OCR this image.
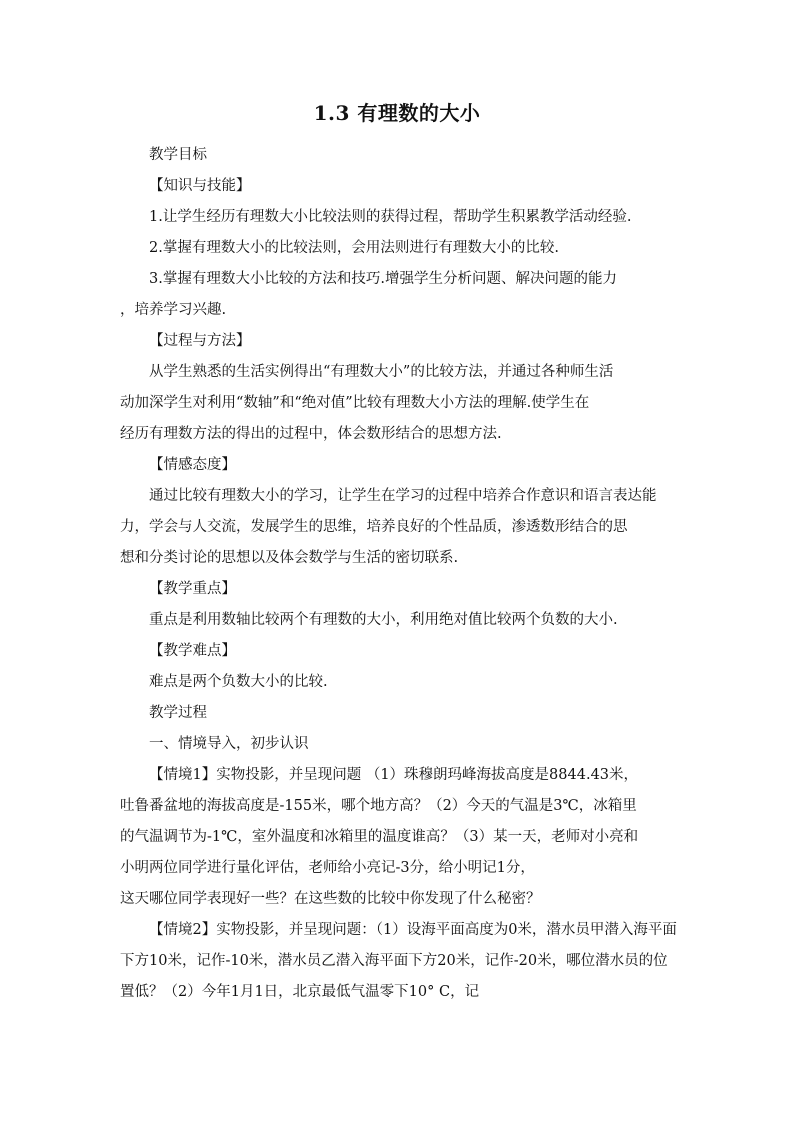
1.3 有理数的大小
教学目标
【知识与技能】
1.让学生经历有理数大小比较法则的获得过程，帮助学生积累教学活动经验.
2.掌握有理数大小的比较法则，会用法则进行有理数大小的比较.
3.掌握有理数大小比较的方法和技巧.增强学生分析问题、解决问题的能力
，培养学习兴趣.
【过程与方法】
从学生熟悉的生活实例得出“有理数大小”的比较方法，并通过各种师生活
动加深学生对利用“数轴”和“绝对值”比较有理数大小方法的理解.使学生在
经历有理数方法的得出的过程中，体会数形结合的思想方法.
【情感态度】
通过比较有理数大小的学习，让学生在学习的过程中培养合作意识和语言表达能
力，学会与人交流，发展学生的思维，培养良好的个性品质，渗透数形结合的思
想和分类讨论的思想以及体会数学与生活的密切联系.
【教学重点】
重点是利用数轴比较两个有理数的大小，利用绝对值比较两个负数的大小.
【教学难点】
难点是两个负数大小的比较.
教学过程
一、情境导入，初步认识
【情境1】实物投影，并呈现问题 （1）珠穆朗玛峰海拔高度是8844.43米，
吐鲁番盆地的海拔高度是-155米，哪个地方高？（2）今天的气温是3℃，冰箱里
的气温调节为-1℃，室外温度和冰箱里的温度谁高？（3）某一天，老师对小亮和
小明两位同学进行量化评估，老师给小亮记-3分，给小明记1分，
这天哪位同学表现好一些？在这些数的比较中你发现了什么秘密？
【情境2】实物投影，并呈现问题：（1）设海平面高度为0米，潜水员甲潜入海平面
下方10米，记作-10米，潜水员乙潜入海平面下方20米，记作-20米，哪位潜水员的位
置低？（2）今年1月1日，北京最低气温零下10° C，记
